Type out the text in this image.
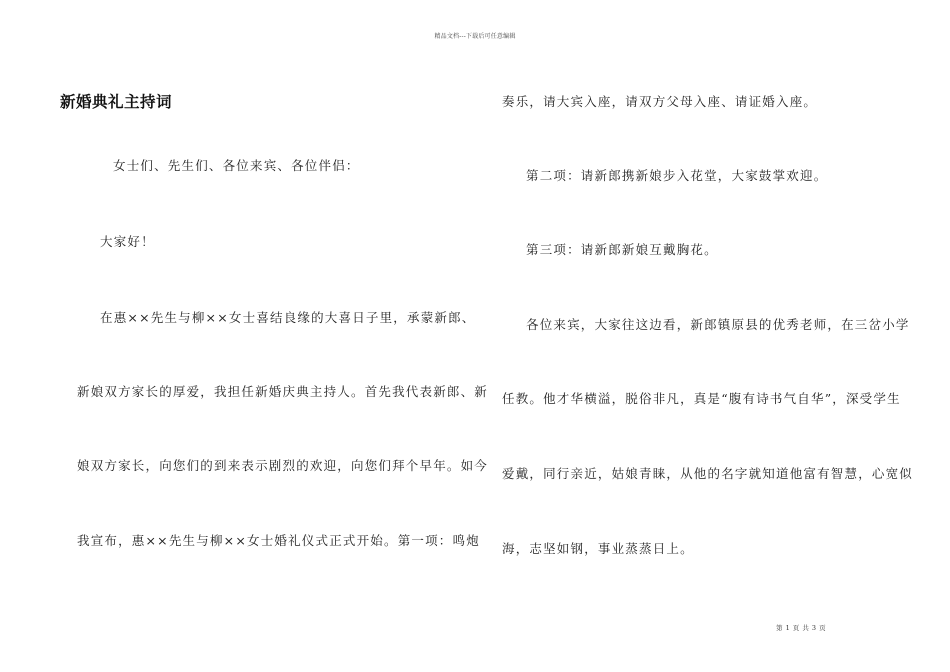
精品文档---下载后可任意编辑
新婚典礼主持词
女士们、先生们、各位来宾、各位伴侣：
大家好！
在惠××先生与柳××女士喜结良缘的大喜日子里，承蒙新郎、
新娘双方家长的厚爱，我担任新婚庆典主持人。首先我代表新郎、新
娘双方家长，向您们的到来表示剧烈的欢迎，向您们拜个早年。如今
我宣布，惠××先生与柳××女士婚礼仪式正式开始。第一项：鸣炮
奏乐，请大宾入座，请双方父母入座、请证婚入座。
第二项：请新郎携新娘步入花堂，大家鼓掌欢迎。
第三项：请新郎新娘互戴胸花。
各位来宾，大家往这边看，新郎镇原县的优秀老师，在三岔小学
任教。他才华横溢，脱俗非凡，真是“腹有诗书气自华”，深受学生
爱戴，同行亲近，姑娘青睐，从他的名字就知道他富有智慧，心宽似
海，志坚如钢，事业蒸蒸日上。
第 1 页 共 3 页
